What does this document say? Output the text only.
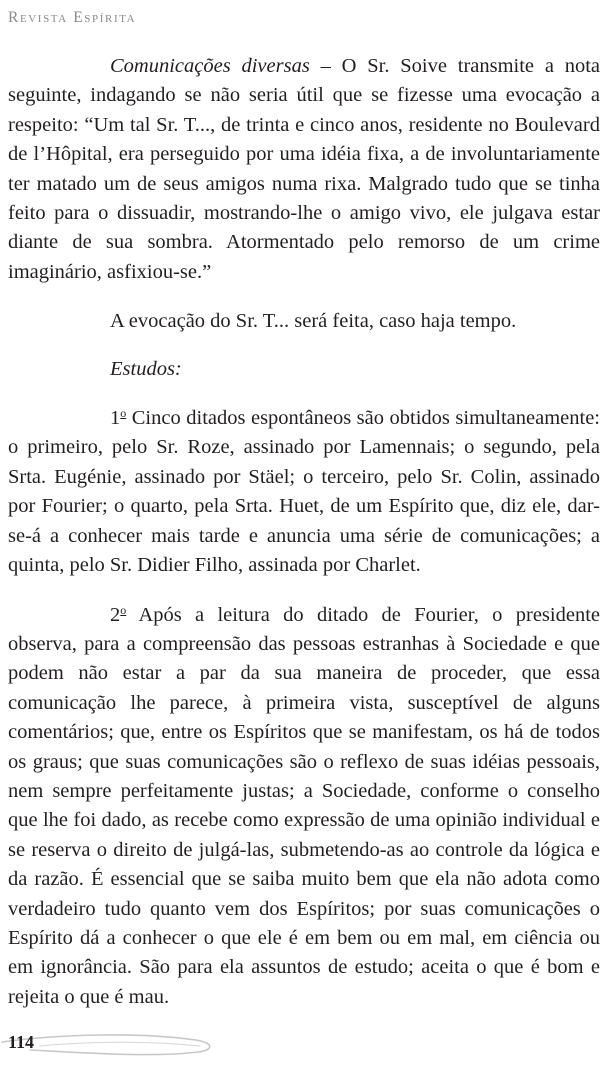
Revista Espírita

Comunicações diversas – O Sr. Soive transmite a nota seguinte, indagando se não seria útil que se fizesse uma evocação a respeito: “Um tal Sr. T..., de trinta e cinco anos, residente no Boulevard de l’Hôpital, era perseguido por uma idéia fixa, a de involuntariamente ter matado um de seus amigos numa rixa. Malgrado tudo que se tinha feito para o dissuadir, mostrando-lhe o amigo vivo, ele julgava estar diante de sua sombra. Atormentado pelo remorso de um crime imaginário, asfixiou-se.”

A evocação do Sr. T... será feita, caso haja tempo.

Estudos:

1$^o$ Cinco ditados espontâneos são obtidos simultaneamente: o primeiro, pelo Sr. Roze, assinado por Lamennais; o segundo, pela Srta. Eugénie, assinado por Stäel; o terceiro, pelo Sr. Colin, assinado por Fourier; o quarto, pela Srta. Huet, de um Espírito que, diz ele, dar-se-á a conhecer mais tarde e anuncia uma série de comunicações; a quinta, pelo Sr. Didier Filho, assinada por Charlet.

2$^o$ Após a leitura do ditado de Fourier, o presidente observa, para a compreensão das pessoas estranhas à Sociedade e que podem não estar a par da sua maneira de proceder, que essa comunicação lhe parece, à primeira vista, susceptível de alguns comentários; que, entre os Espíritos que se manifestam, os há de todos os graus; que suas comunicações são o reflexo de suas idéias pessoais, nem sempre perfeitamente justas; a Sociedade, conforme o conselho que lhe foi dado, as recebe como expressão de uma opinião individual e se reserva o direito de julgá-las, submetendo-as ao controle da lógica e da razão. É essencial que se saiba muito bem que ela não adota como verdadeiro tudo quanto vem dos Espíritos; por suas comunicações o Espírito dá a conhecer o que ele é em bem ou em mal, em ciência ou em ignorância. São para ela assuntos de estudo; aceita o que é bom e rejeita o que é mau.

114
